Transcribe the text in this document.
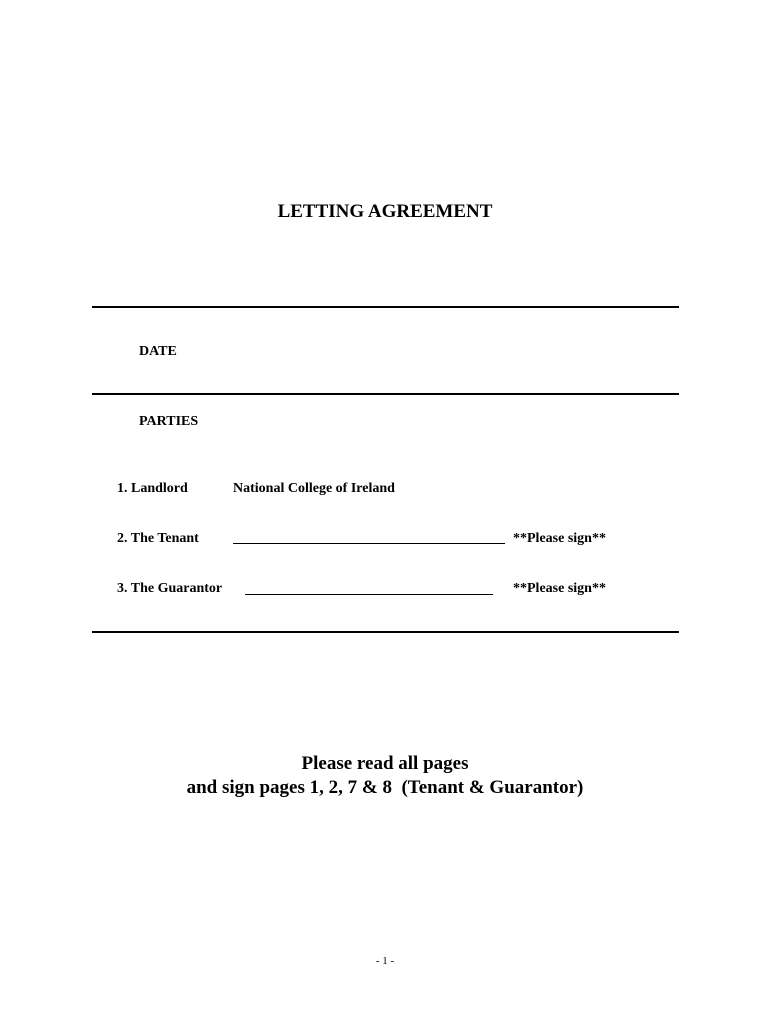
LETTING AGREEMENT
DATE
PARTIES
1. Landlord	National College of Ireland
2. The Tenant	**Please sign**
3. The Guarantor	**Please sign**
Please read all pages
and sign pages 1, 2, 7 & 8  (Tenant & Guarantor)
- 1 -
